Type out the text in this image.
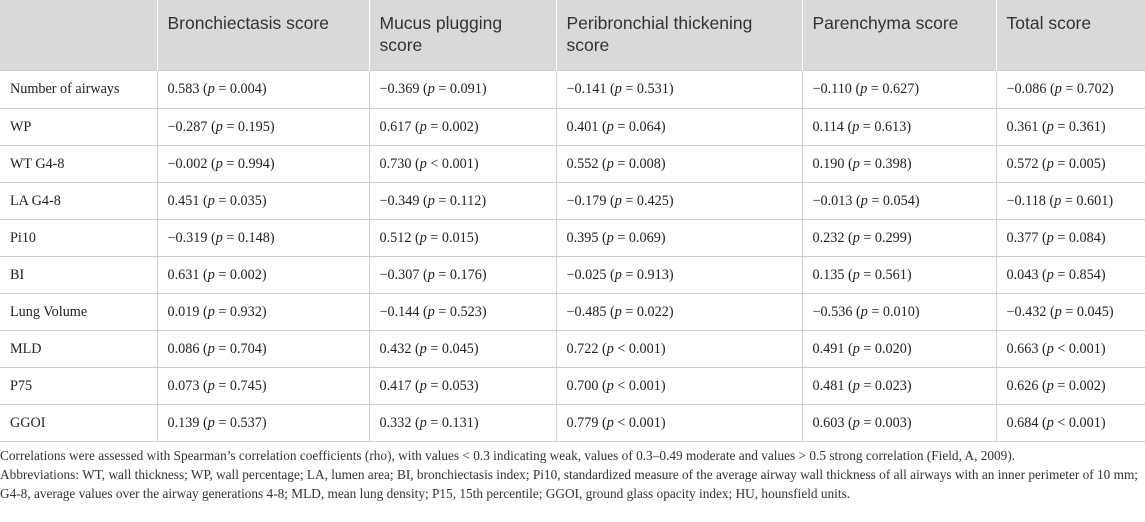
	Bronchiectasis score	Mucus plugging score	Peribronchial thickening score	Parenchyma score	Total score
Number of airways	0.583 (p = 0.004)	−0.369 (p = 0.091)	−0.141 (p = 0.531)	−0.110 (p = 0.627)	−0.086 (p = 0.702)
WP	−0.287 (p = 0.195)	0.617 (p = 0.002)	0.401 (p = 0.064)	0.114 (p = 0.613)	0.361 (p = 0.361)
WT G4-8	−0.002 (p = 0.994)	0.730 (p < 0.001)	0.552 (p = 0.008)	0.190 (p = 0.398)	0.572 (p = 0.005)
LA G4-8	0.451 (p = 0.035)	−0.349 (p = 0.112)	−0.179 (p = 0.425)	−0.013 (p = 0.054)	−0.118 (p = 0.601)
Pi10	−0.319 (p = 0.148)	0.512 (p = 0.015)	0.395 (p = 0.069)	0.232 (p = 0.299)	0.377 (p = 0.084)
BI	0.631 (p = 0.002)	−0.307 (p = 0.176)	−0.025 (p = 0.913)	0.135 (p = 0.561)	0.043 (p = 0.854)
Lung Volume	0.019 (p = 0.932)	−0.144 (p = 0.523)	−0.485 (p = 0.022)	−0.536 (p = 0.010)	−0.432 (p = 0.045)
MLD	0.086 (p = 0.704)	0.432 (p = 0.045)	0.722 (p < 0.001)	0.491 (p = 0.020)	0.663 (p < 0.001)
P75	0.073 (p = 0.745)	0.417 (p = 0.053)	0.700 (p < 0.001)	0.481 (p = 0.023)	0.626 (p = 0.002)
GGOI	0.139 (p = 0.537)	0.332 (p = 0.131)	0.779 (p < 0.001)	0.603 (p = 0.003)	0.684 (p < 0.001)

Correlations were assessed with Spearman’s correlation coefficients (rho), with values < 0.3 indicating weak, values of 0.3–0.49 moderate and values > 0.5 strong correlation (Field, A, 2009).

Abbreviations: WT, wall thickness; WP, wall percentage; LA, lumen area; BI, bronchiectasis index; Pi10, standardized measure of the average airway wall thickness of all airways with an inner perimeter of 10 mm; G4-8, average values over the airway generations 4-8; MLD, mean lung density; P15, 15th percentile; GGOI, ground glass opacity index; HU, hounsfield units.
